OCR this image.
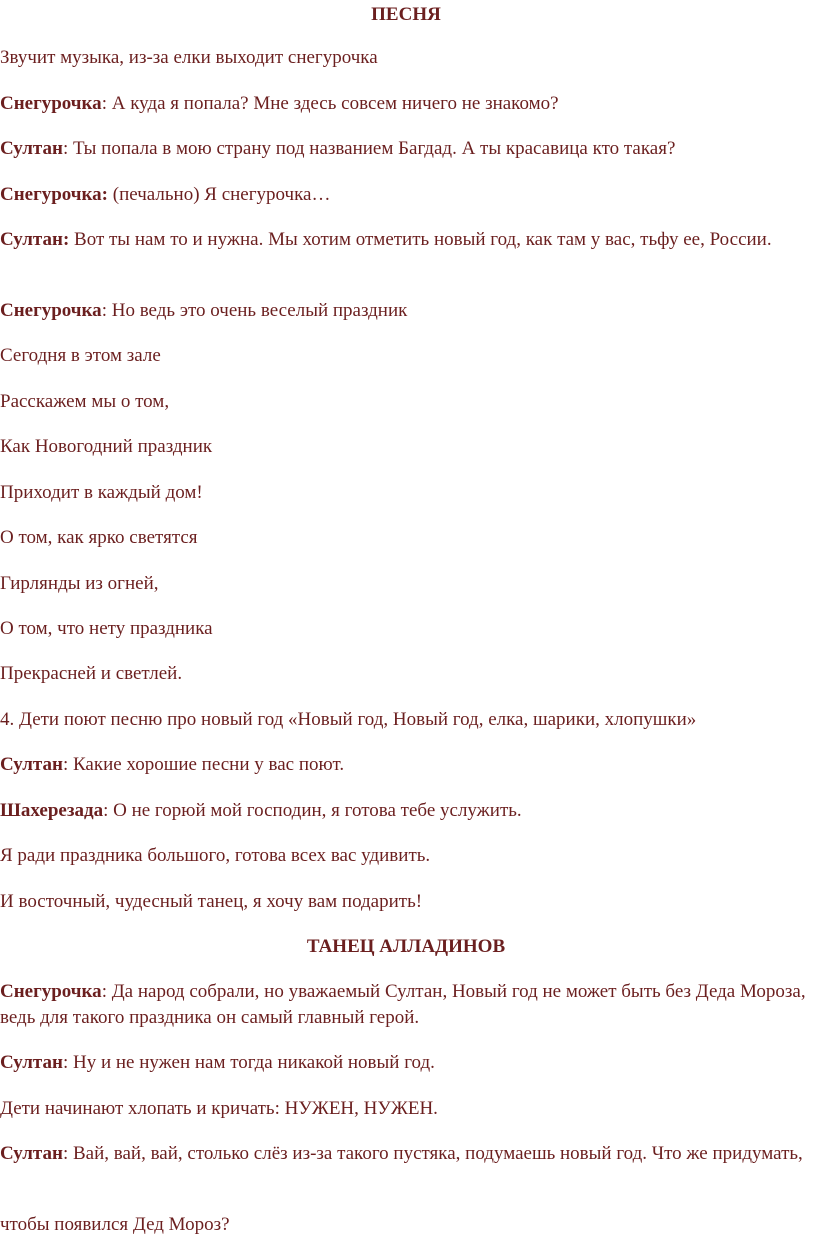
ПЕСНЯ
Звучит музыка, из-за елки выходит снегурочка
Снегурочка: А куда я попала? Мне здесь совсем ничего не знакомо?
Султан: Ты попала в мою страну под названием Багдад. А ты красавица кто такая?
Снегурочка: (печально) Я снегурочка…
Султан: Вот ты нам то и нужна. Мы хотим отметить новый год, как там у вас, тьфу ее, России.
Снегурочка: Но ведь это очень веселый праздник
Сегодня в этом зале
Расскажем мы о том,
Как Новогодний праздник
Приходит в каждый дом!
О том, как ярко светятся
Гирлянды из огней,
О том, что нету праздника
Прекрасней и светлей.
4. Дети поют песню про новый год «Новый год, Новый год, елка, шарики, хлопушки»
Султан: Какие хорошие песни у вас поют.
Шахерезада: О не горюй мой господин, я готова тебе услужить.
Я ради праздника большого, готова всех вас удивить.
И восточный, чудесный танец, я хочу вам подарить!
ТАНЕЦ АЛЛАДИНОВ
Снегурочка: Да народ собрали, но уважаемый Султан, Новый год не может быть без Деда Мороза, ведь для такого праздника он самый главный герой.
Султан: Ну и не нужен нам тогда никакой новый год.
Дети начинают хлопать и кричать: НУЖЕН, НУЖЕН.
Султан: Вай, вай, вай, столько слёз из-за такого пустяка, подумаешь новый год. Что же придумать,
чтобы появился Дед Мороз?
